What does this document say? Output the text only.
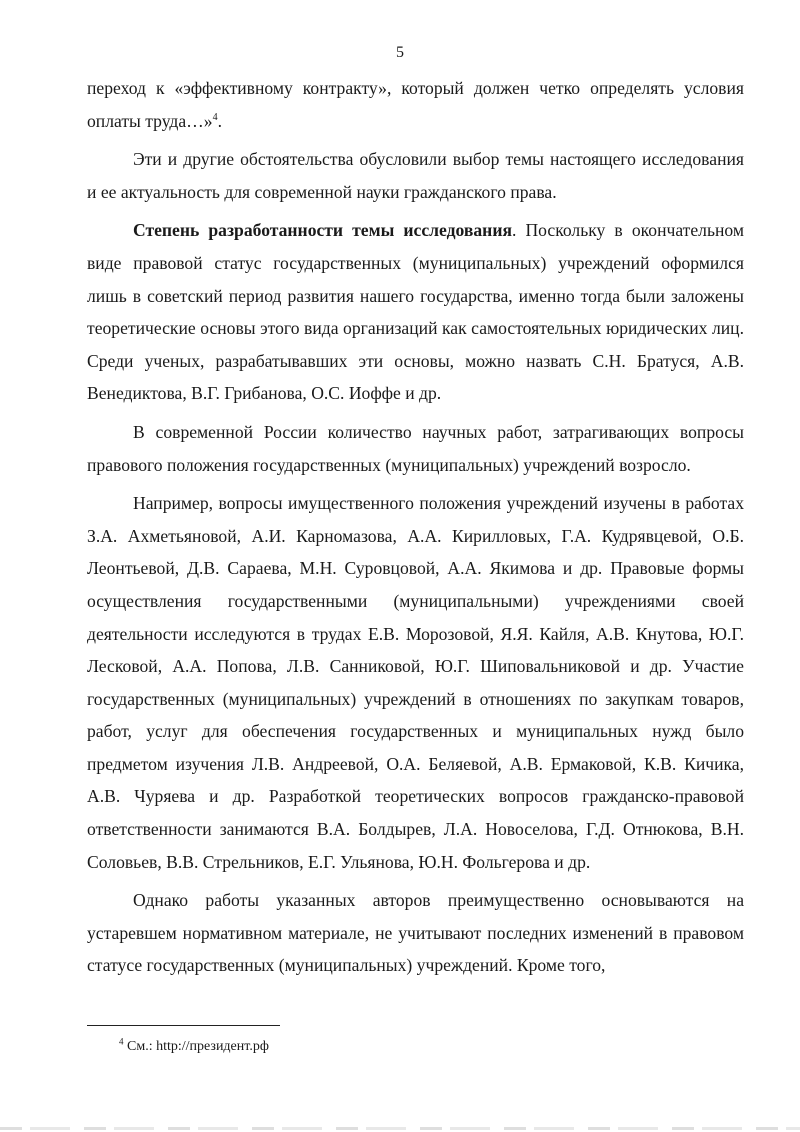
5

переход к «эффективному контракту», который должен четко определять условия оплаты труда…»$^4$.

Эти и другие обстоятельства обусловили выбор темы настоящего исследования и ее актуальность для современной науки гражданского права.

Степень разработанности темы исследования. Поскольку в окончательном виде правовой статус государственных (муниципальных) учреждений оформился лишь в советский период развития нашего государства, именно тогда были заложены теоретические основы этого вида организаций как самостоятельных юридических лиц. Среди ученых, разрабатывавших эти основы, можно назвать С.Н. Братуся, А.В. Венедиктова, В.Г. Грибанова, О.С. Иоффе и др.

В современной России количество научных работ, затрагивающих вопросы правового положения государственных (муниципальных) учреждений возросло.

Например, вопросы имущественного положения учреждений изучены в работах З.А. Ахметьяновой, А.И. Карномазова, А.А. Кирилловых, Г.А. Кудрявцевой, О.Б. Леонтьевой, Д.В. Сараева, М.Н. Суровцовой, А.А. Якимова и др. Правовые формы осуществления государственными (муниципальными) учреждениями своей деятельности исследуются в трудах Е.В. Морозовой, Я.Я. Кайля, А.В. Кнутова, Ю.Г. Лесковой, А.А. Попова, Л.В. Санниковой, Ю.Г. Шиповальниковой и др. Участие государственных (муниципальных) учреждений в отношениях по закупкам товаров, работ, услуг для обеспечения государственных и муниципальных нужд было предметом изучения Л.В. Андреевой, О.А. Беляевой, А.В. Ермаковой, К.В. Кичика, А.В. Чуряева и др. Разработкой теоретических вопросов гражданско-правовой ответственности занимаются В.А. Болдырев, Л.А. Новоселова, Г.Д. Отнюкова, В.Н. Соловьев, В.В. Стрельников, Е.Г. Ульянова, Ю.Н. Фольгерова и др.

Однако работы указанных авторов преимущественно основываются на устаревшем нормативном материале, не учитывают последних изменений в правовом статусе государственных (муниципальных) учреждений. Кроме того,

$^4$ См.: http://президент.рф
